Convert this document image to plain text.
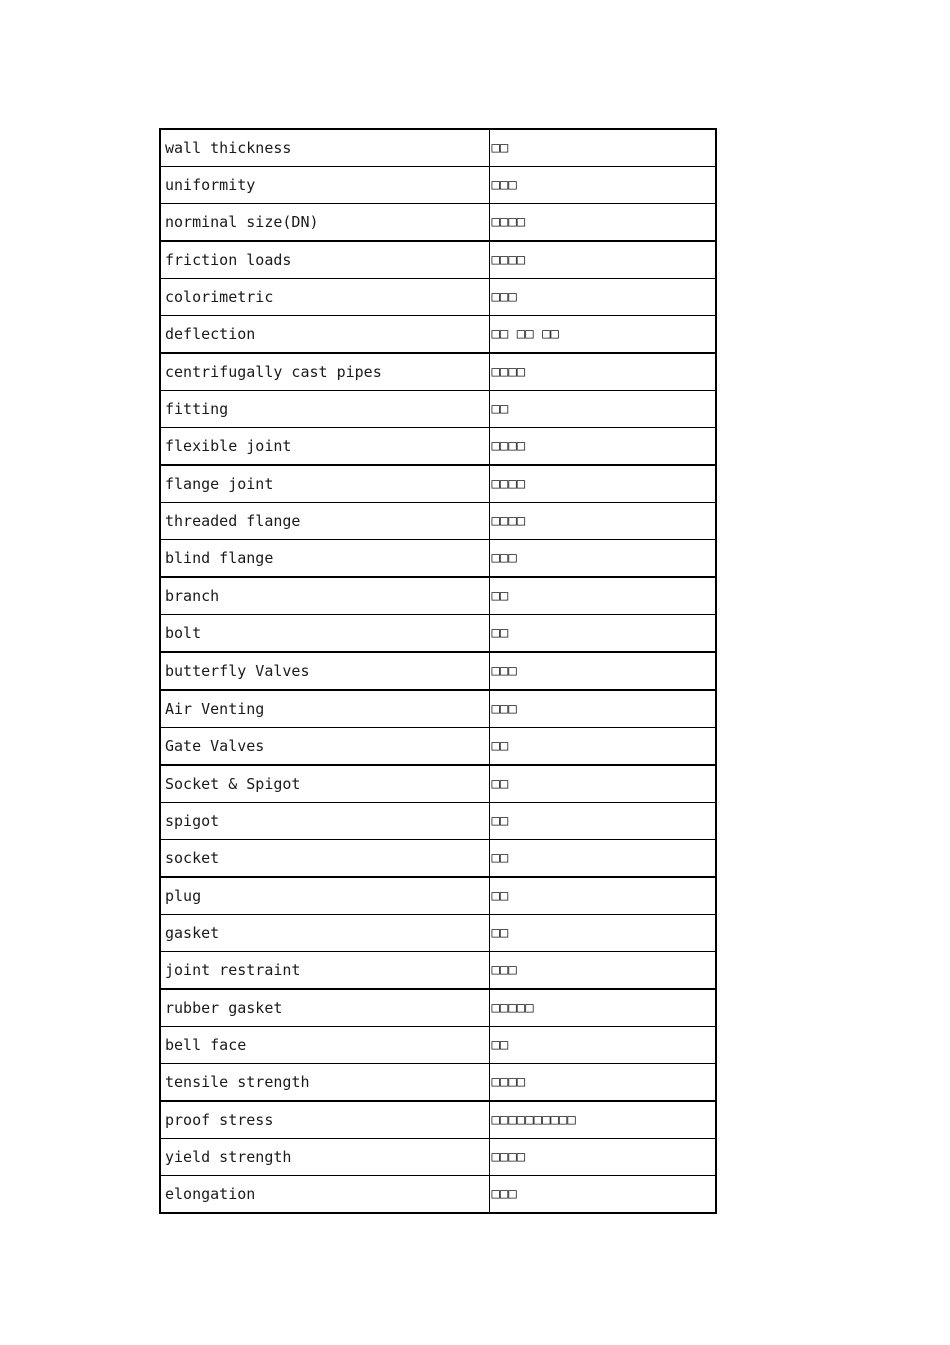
wall thickness	□□
uniformity	□□□
norminal size(DN)	□□□□
friction loads	□□□□
colorimetric	□□□
deflection	□□ □□ □□
centrifugally cast pipes	□□□□
fitting	□□
flexible joint	□□□□
flange joint	□□□□
threaded flange	□□□□
blind flange	□□□
branch	□□
bolt	□□
butterfly Valves	□□□
Air Venting	□□□
Gate Valves	□□
Socket & Spigot	□□
spigot	□□
socket	□□
plug	□□
gasket	□□
joint restraint	□□□
rubber gasket	□□□□□
bell face	□□
tensile strength	□□□□
proof stress	□□□□□□□□□□
yield strength	□□□□
elongation	□□□
